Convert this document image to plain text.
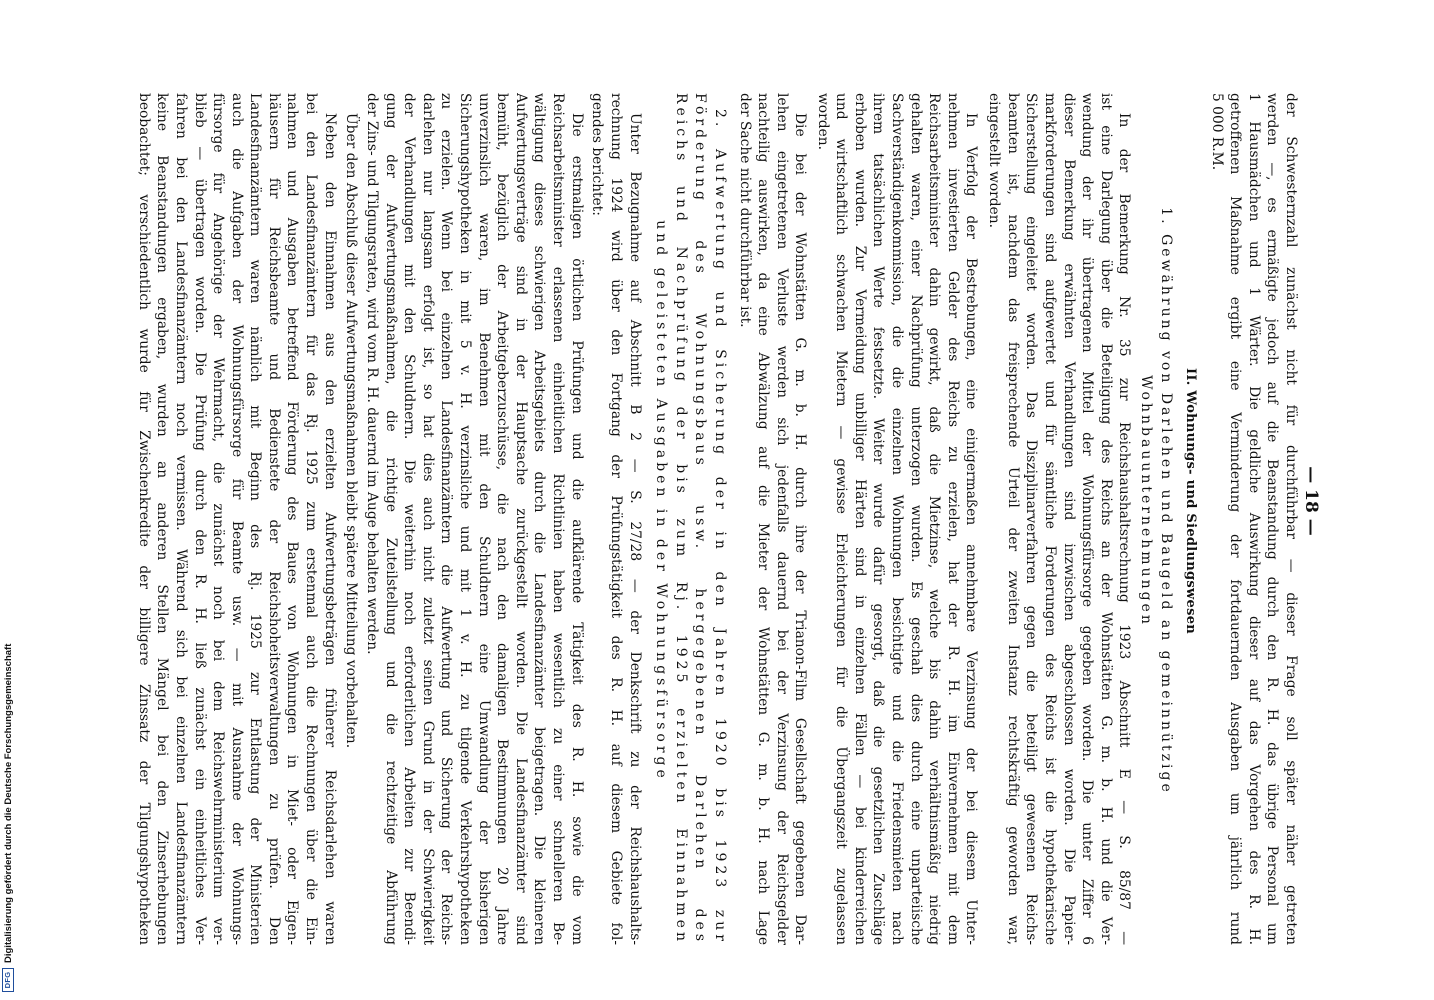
— 18 —
der Schwesternzahl zunächst nicht für durchführbar — dieser Frage soll später näher getreten
werden —, es ermäßigte jedoch auf die Beanstandung durch den R. H. das übrige Personal um
1 Hausmädchen und 1 Wärter. Die geldliche Auswirkung dieser auf das Vorgehen des R. H.
getroffenen Maßnahme ergibt eine Verminderung der fortdauernden Ausgaben um jährlich rund
5 000 R.M.
II. Wohnungs- und Siedlungswesen
1. Gewährung von Darlehen und Baugeld an gemeinnützige
Wohnbauunternehmungen
In der Bemerkung Nr. 35 zur Reichshaushaltsrechnung 1923 Abschnitt E — S. 85/87 —
ist eine Darlegung über die Beteiligung des Reichs an der Wohnstätten G. m. b. H. und die Ver-
wendung der ihr übertragenen Mittel der Wohnungsfürsorge gegeben worden. Die unter Ziffer 6
dieser Bemerkung erwähnten Verhandlungen sind inzwischen abgeschlossen worden. Die Papier-
markforderungen sind aufgewertet und für sämtliche Forderungen des Reichs ist die hypothekarische
Sicherstellung eingeleitet worden. Das Disziplinarverfahren gegen die beteiligt gewesenen Reichs-
beamten ist, nachdem das freisprechende Urteil der zweiten Instanz rechtskräftig geworden war,
eingestellt worden.
In Verfolg der Bestrebungen, eine einigermaßen annehmbare Verzinsung der bei diesem Unter-
nehmen investierten Gelder des Reichs zu erzielen, hat der R. H. im Einvernehmen mit dem
Reichsarbeitsminister dahin gewirkt, daß die Mietzinse, welche bis dahin verhältnismäßig niedrig
gehalten waren, einer Nachprüfung unterzogen wurden. Es geschah dies durch eine unparteiische
Sachverständigenkommission, die die einzelnen Wohnungen besichtigte und die Friedensmieten nach
ihrem tatsächlichen Werte festsetzte. Weiter wurde dafür gesorgt, daß die gesetzlichen Zuschläge
erhoben wurden. Zur Vermeidung unbilliger Härten sind in einzelnen Fällen — bei kinderreichen
und wirtschaftlich schwachen Mietern — gewisse Erleichterungen für die Übergangszeit zugelassen
worden.
Die bei der Wohnstätten G. m. b. H. durch ihre der Trianon-Film Gesellschaft gegebenen Dar-
lehen eingetretenen Verluste werden sich jedenfalls dauernd bei der Verzinsung der Reichsgelder
nachteilig auswirken, da eine Abwälzung auf die Mieter der Wohnstätten G. m. b. H. nach Lage
der Sache nicht durchführbar ist.
2. Aufwertung und Sicherung der in den Jahren 1920 bis 1923 zur
Förderung des Wohnungsbaus usw. hergegebenen Darlehen des
Reichs und Nachprüfung der bis zum Rj. 1925 erzielten Einnahmen
und geleisteten Ausgaben in der Wohnungsfürsorge
Unter Bezugnahme auf Abschnitt B 2 — S. 27/28 — der Denkschrift zu der Reichshaushalts-
rechnung 1924 wird über den Fortgang der Prüfungstätigkeit des R. H. auf diesem Gebiete fol-
gendes berichtet:
Die erstmaligen örtlichen Prüfungen und die aufklärende Tätigkeit des R. H. sowie die vom
Reichsarbeitsminister erlassenen einheitlichen Richtlinien haben wesentlich zu einer schnelleren Be-
wältigung dieses schwierigen Arbeitsgebiets durch die Landesfinanzämter beigetragen. Die kleineren
Aufwertungsverträge sind in der Hauptsache zurückgestellt worden. Die Landesfinanzämter sind
bemüht, bezüglich der Arbeitgeberzuschüsse, die nach den damaligen Bestimmungen 20 Jahre
unverzinslich waren, im Benehmen mit den Schuldnern eine Umwandlung der bisherigen
Sicherungshypotheken in mit 5 v. H. verzinsliche und mit 1 v. H. zu tilgende Verkehrshypotheken
zu erzielen. Wenn bei einzelnen Landesfinanzämtern die Aufwertung und Sicherung der Reichs-
darlehen nur langsam erfolgt ist, so hat dies auch nicht zuletzt seinen Grund in der Schwierigkeit
der Verhandlungen mit den Schuldnern. Die weiterhin noch erforderlichen Arbeiten zur Beendi-
gung der Aufwertungsmaßnahmen, die richtige Zuteilstellung und die rechtzeitige Abführung
der Zins- und Tilgungsraten, wird vom R. H. dauernd im Auge behalten werden.
Über den Abschluß dieser Aufwertungsmaßnahmen bleibt spätere Mitteilung vorbehalten.
Neben den Einnahmen aus den erzielten Aufwertungsbeträgen früherer Reichsdarlehen waren
bei den Landesfinanzämtern für das Rj. 1925 zum erstenmal auch die Rechnungen über die Ein-
nahmen und Ausgaben betreffend Förderung des Baues von Wohnungen in Miet- oder Eigen-
häusern für Reichsbeamte und Bedienstete der Reichshoheitsverwaltungen zu prüfen. Den
Landesfinanzämtern waren nämlich mit Beginn des Rj. 1925 zur Entlastung der Ministerien
auch die Aufgaben der Wohnungsfürsorge für Beamte usw. — mit Ausnahme der Wohnungs-
fürsorge für Angehörige der Wehrmacht, die zunächst noch bei dem Reichswehrministerium ver-
blieb — übertragen worden. Die Prüfung durch den R. H. ließ zunächst ein einheitliches Ver-
fahren bei den Landesfinanzämtern noch vermissen. Während sich bei einzelnen Landesfinanzämtern
keine Beanstandungen ergaben, wurden an anderen Stellen Mängel bei den Zinserhebungen
beobachtet; verschiedentlich wurde für Zwischenkredite der billigere Zinssatz der Tilgungshypotheken
DFG
Digitalisierung gefördert durch die Deutsche Forschungsgemeinschaft
